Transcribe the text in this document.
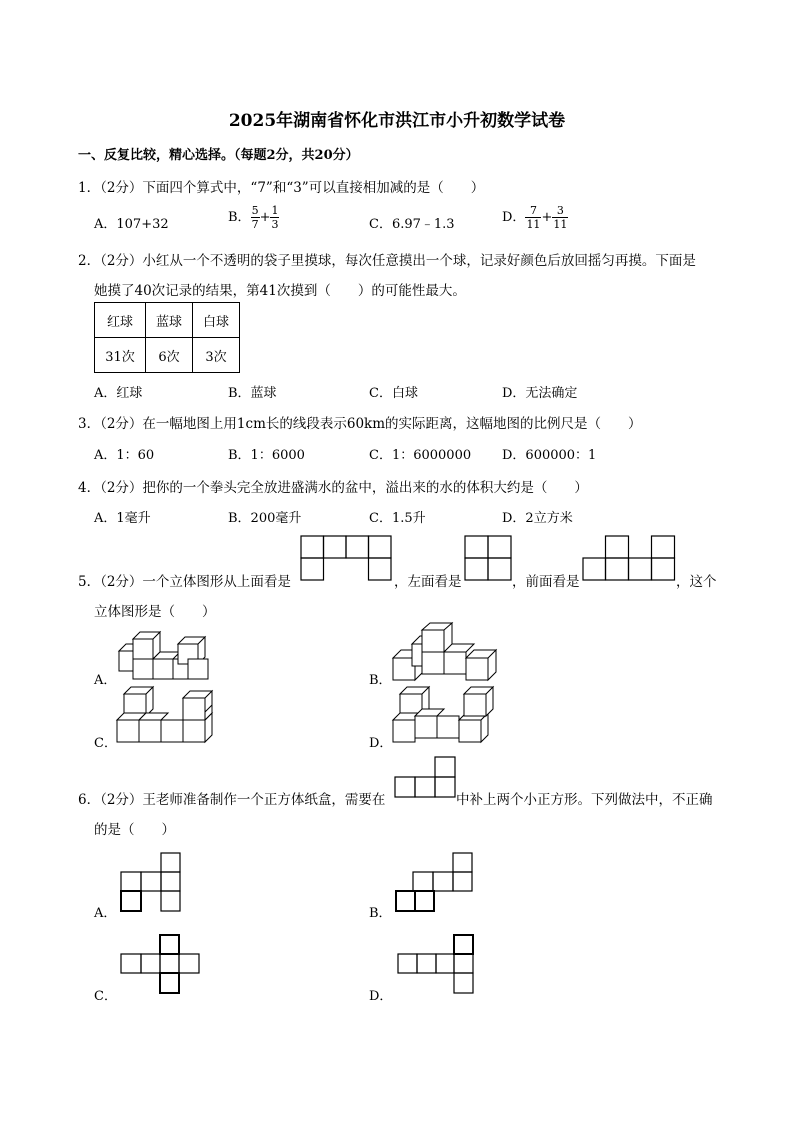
2025年湖南省怀化市洪江市小升初数学试卷
一、反复比较，精心选择。（每题2分，共20分）
1．（2分）下面四个算式中，“7”和“3”可以直接相加减的是（　　）
A．107+32	B． $\frac{5}{7} + \frac{1}{3}$	C．6.97﹣1.3	D． $\frac{7}{11} + \frac{3}{11}$
2．（2分）小红从一个不透明的袋子里摸球，每次任意摸出一个球，记录好颜色后放回摇匀再摸。下面是
她摸了40次记录的结果，第41次摸到（　　）的可能性最大。
红球	蓝球	白球
31次	6次	3次
A．红球	B．蓝球	C．白球	D．无法确定
3．（2分）在一幅地图上用1cm长的线段表示60km的实际距离，这幅地图的比例尺是（　　）
A．1：60	B．1：6000	C．1：6000000 D．600000：1
4．（2分）把你的一个拳头完全放进盛满水的盆中，溢出来的水的体积大约是（　　）
A．1毫升	B．200毫升	C．1.5升	D．2立方米
5．（2分）一个立体图形从上面看是	，左面看是	，前面看是	，这个
立体图形是（　　）
A．	B．
C．	D．
6．（2分）王老师准备制作一个正方体纸盒，需要在	中补上两个小正方形。下列做法中，不正确
的是（　　）
A．	B．
C．	D．
